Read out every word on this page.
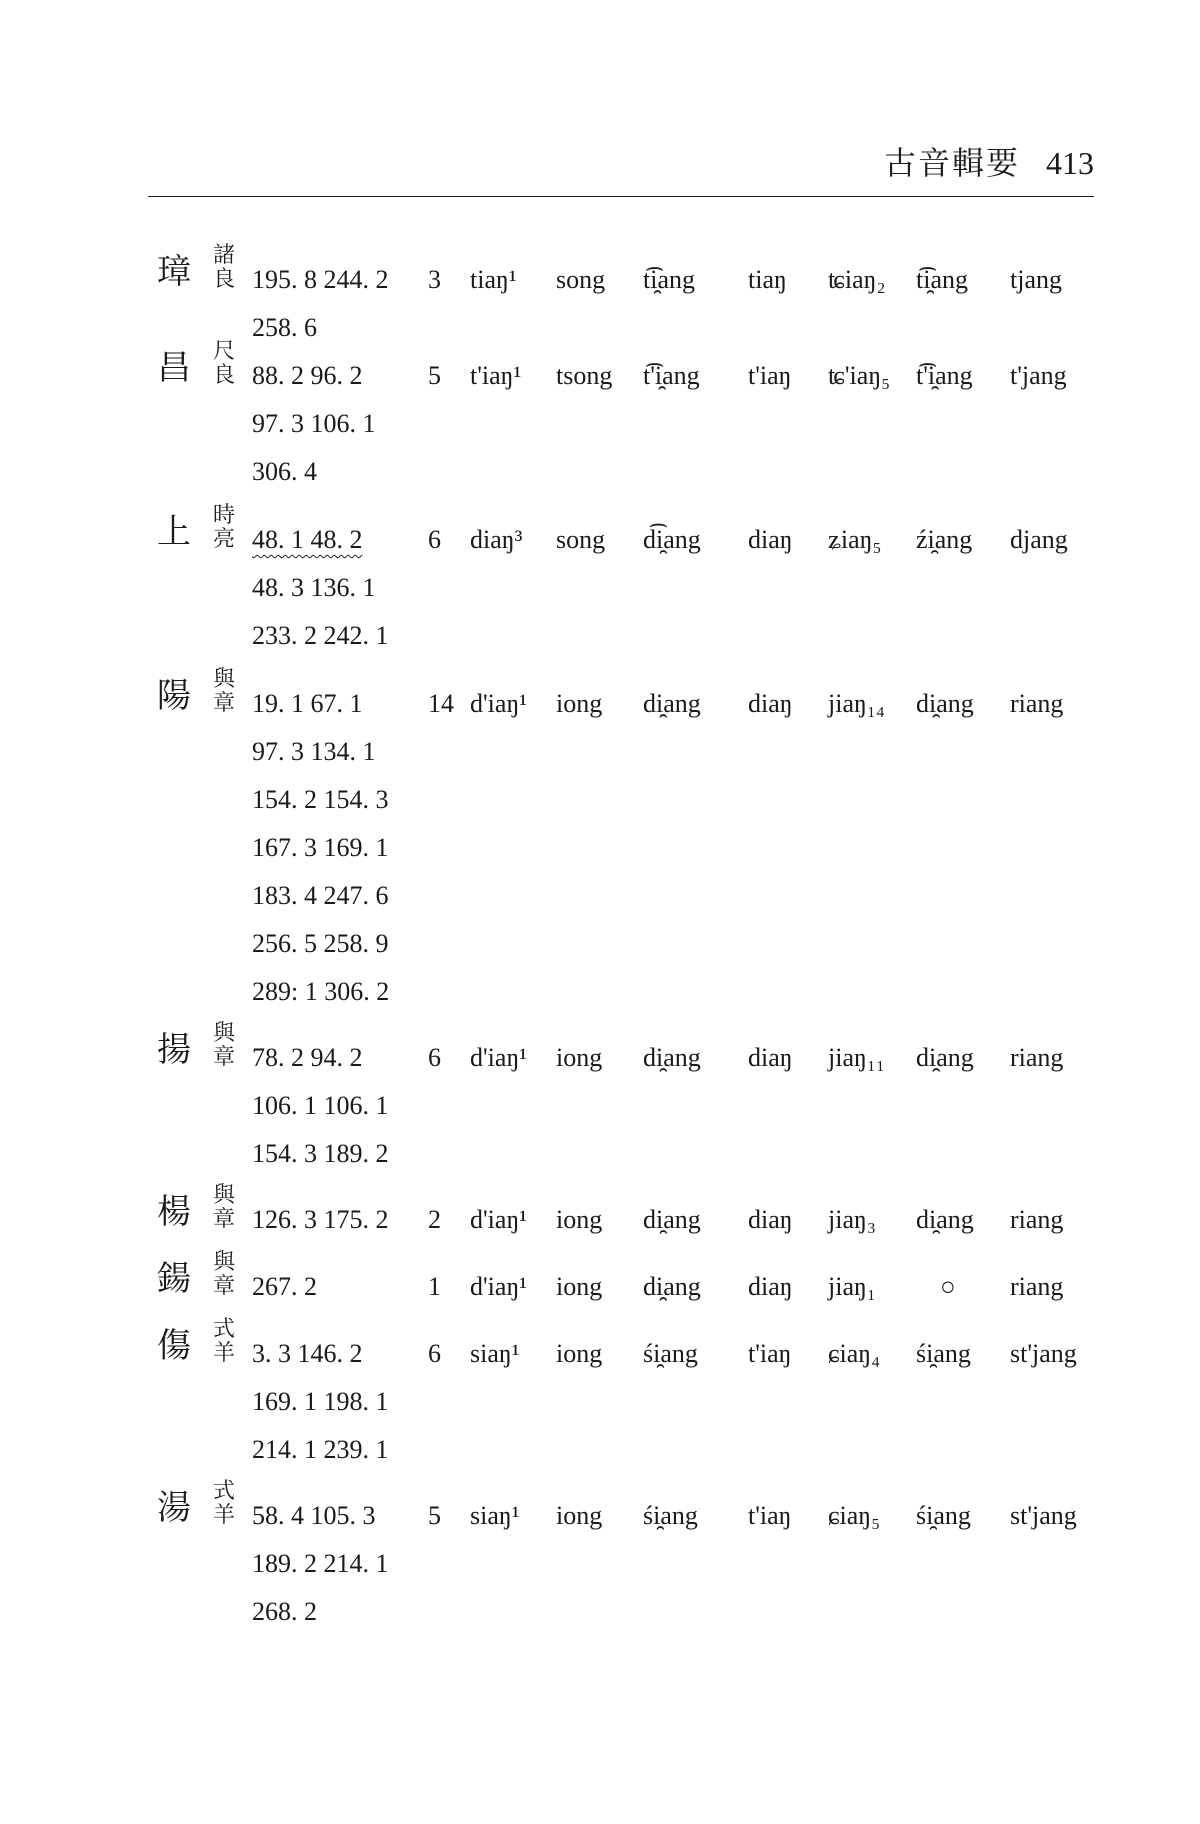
古音輯要 413
璋 諸
良 195. 8 244. 2
258. 6
3 tiaŋ¹ song t͡i̯ang tiaŋ ʨiaŋ₂ t͡i̯ang tjang
昌 尺
良 88. 2 96. 2
97. 3 106. 1
306. 4
5 t'iaŋ¹ tsong t͡'i̯ang t'iaŋ ʨ'iaŋ₅ t͡'i̯ang t'jang
上 時
亮 48. 1 48. 2
48. 3 136. 1
233. 2 242. 1
6 diaŋ³ song d͡i̯ang diaŋ ʑiaŋ₅ źi̯ang djang
陽 與
章 19. 1 67. 1
97. 3 134. 1
154. 2 154. 3
167. 3 169. 1
183. 4 247. 6
256. 5 258. 9
289: 1 306. 2
14 d'iaŋ¹ iong di̯ang diaŋ jiaŋ₁₄ di̯ang riang
揚 與
章 78. 2 94. 2
106. 1 106. 1
154. 3 189. 2
6 d'iaŋ¹ iong di̯ang diaŋ jiaŋ₁₁ di̯ang riang
楊 與
章 126. 3 175. 2 2 d'iaŋ¹ iong di̯ang diaŋ jiaŋ₃ di̯ang riang
鍚 與
章 267. 2	1 d'iaŋ¹ iong di̯ang diaŋ jiaŋ₁ ○ riang
傷 式
羊 3. 3 146. 2
169. 1 198. 1
214. 1 239. 1
6 siaŋ¹ iong śi̯ang t'iaŋ ɕiaŋ₄ śi̯ang st'jang
湯 式
羊 58. 4 105. 3
189. 2 214. 1
268. 2
5 siaŋ¹ iong śi̯ang t'iaŋ ɕiaŋ₅ śi̯ang st'jang
